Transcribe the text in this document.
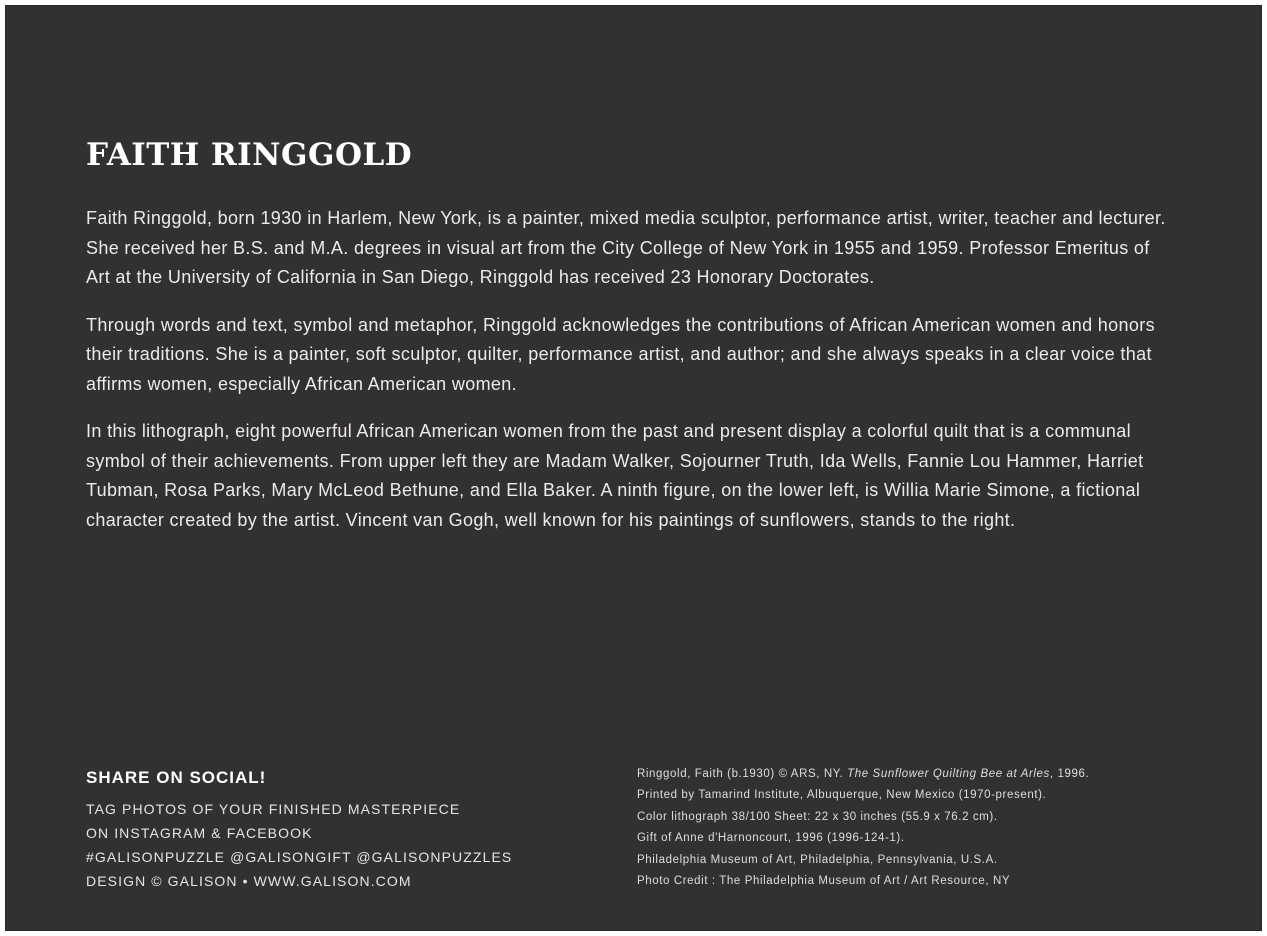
FAITH RINGGOLD

Faith Ringgold, born 1930 in Harlem, New York, is a painter, mixed media sculptor, performance artist, writer, teacher and lecturer. She received her B.S. and M.A. degrees in visual art from the City College of New York in 1955 and 1959. Professor Emeritus of Art at the University of California in San Diego, Ringgold has received 23 Honorary Doctorates.

Through words and text, symbol and metaphor, Ringgold acknowledges the contributions of African American women and honors their traditions. She is a painter, soft sculptor, quilter, performance artist, and author; and she always speaks in a clear voice that affirms women, especially African American women.

In this lithograph, eight powerful African American women from the past and present display a colorful quilt that is a communal symbol of their achievements. From upper left they are Madam Walker, Sojourner Truth, Ida Wells, Fannie Lou Hammer, Harriet Tubman, Rosa Parks, Mary McLeod Bethune, and Ella Baker. A ninth figure, on the lower left, is Willia Marie Simone, a fictional character created by the artist. Vincent van Gogh, well known for his paintings of sunflowers, stands to the right.

SHARE ON SOCIAL!
TAG PHOTOS OF YOUR FINISHED MASTERPIECE
ON INSTAGRAM & FACEBOOK
#GALISONPUZZLE @GALISONGIFT @GALISONPUZZLES
DESIGN © GALISON • WWW.GALISON.COM
Ringgold, Faith (b.1930) © ARS, NY. The Sunflower Quilting Bee at Arles, 1996.
Printed by Tamarind Institute, Albuquerque, New Mexico (1970-present).
Color lithograph 38/100 Sheet: 22 x 30 inches (55.9 x 76.2 cm).
Gift of Anne d'Harnoncourt, 1996 (1996-124-1).
Philadelphia Museum of Art, Philadelphia, Pennsylvania, U.S.A.
Photo Credit : The Philadelphia Museum of Art / Art Resource, NY
